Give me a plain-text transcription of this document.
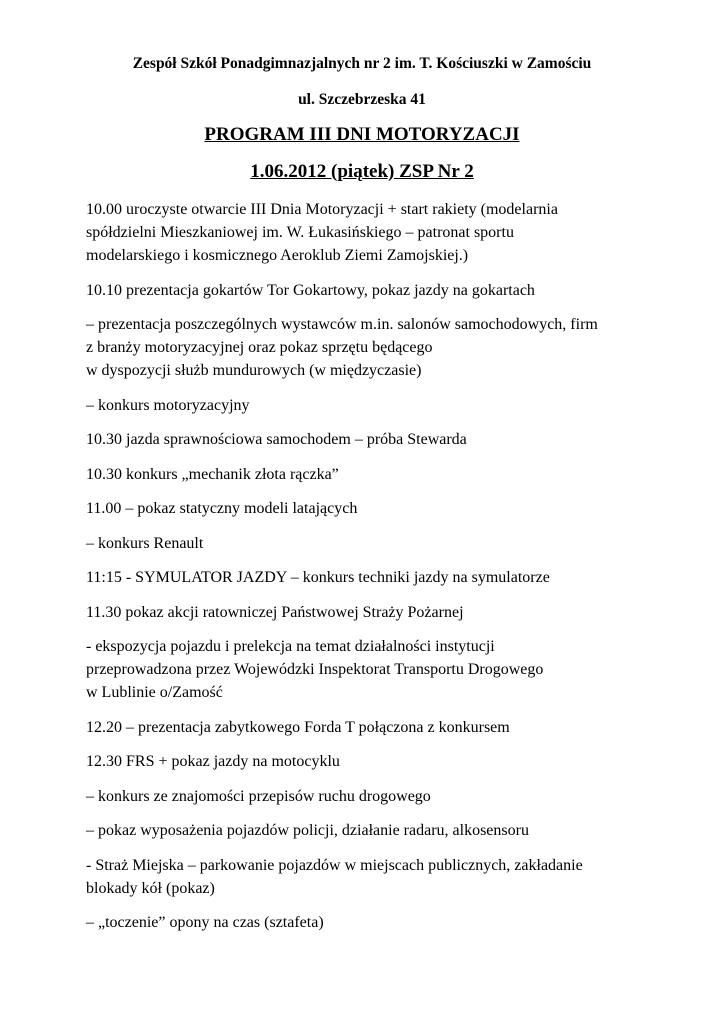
Zespół Szkół Ponadgimnazjalnych nr 2 im. T. Kościuszki w Zamościu
ul. Szczebrzeska 41
PROGRAM III DNI MOTORYZACJI
1.06.2012 (piątek) ZSP Nr 2
10.00 uroczyste otwarcie III Dnia Motoryzacji + start rakiety (modelarnia
spółdzielni Mieszkaniowej im. W. Łukasińskiego – patronat sportu
modelarskiego i kosmicznego Aeroklub Ziemi Zamojskiej.)
10.10 prezentacja gokartów Tor Gokartowy, pokaz jazdy na gokartach
– prezentacja poszczególnych wystawców m.in. salonów samochodowych, firm
z branży motoryzacyjnej oraz pokaz sprzętu będącego
w dyspozycji służb mundurowych (w międzyczasie)
– konkurs motoryzacyjny
10.30 jazda sprawnościowa samochodem – próba Stewarda
10.30 konkurs „mechanik złota rączka”
11.00 – pokaz statyczny modeli latających
– konkurs Renault
11:15 - SYMULATOR JAZDY – konkurs techniki jazdy na symulatorze
11.30 pokaz akcji ratowniczej Państwowej Straży Pożarnej
- ekspozycja pojazdu i prelekcja na temat działalności instytucji
przeprowadzona przez Wojewódzki Inspektorat Transportu Drogowego
w Lublinie o/Zamość
12.20 – prezentacja zabytkowego Forda T połączona z konkursem
12.30 FRS + pokaz jazdy na motocyklu
– konkurs ze znajomości przepisów ruchu drogowego
– pokaz wyposażenia pojazdów policji, działanie radaru, alkosensoru
- Straż Miejska – parkowanie pojazdów w miejscach publicznych, zakładanie
blokady kół (pokaz)
– „toczenie” opony na czas (sztafeta)
